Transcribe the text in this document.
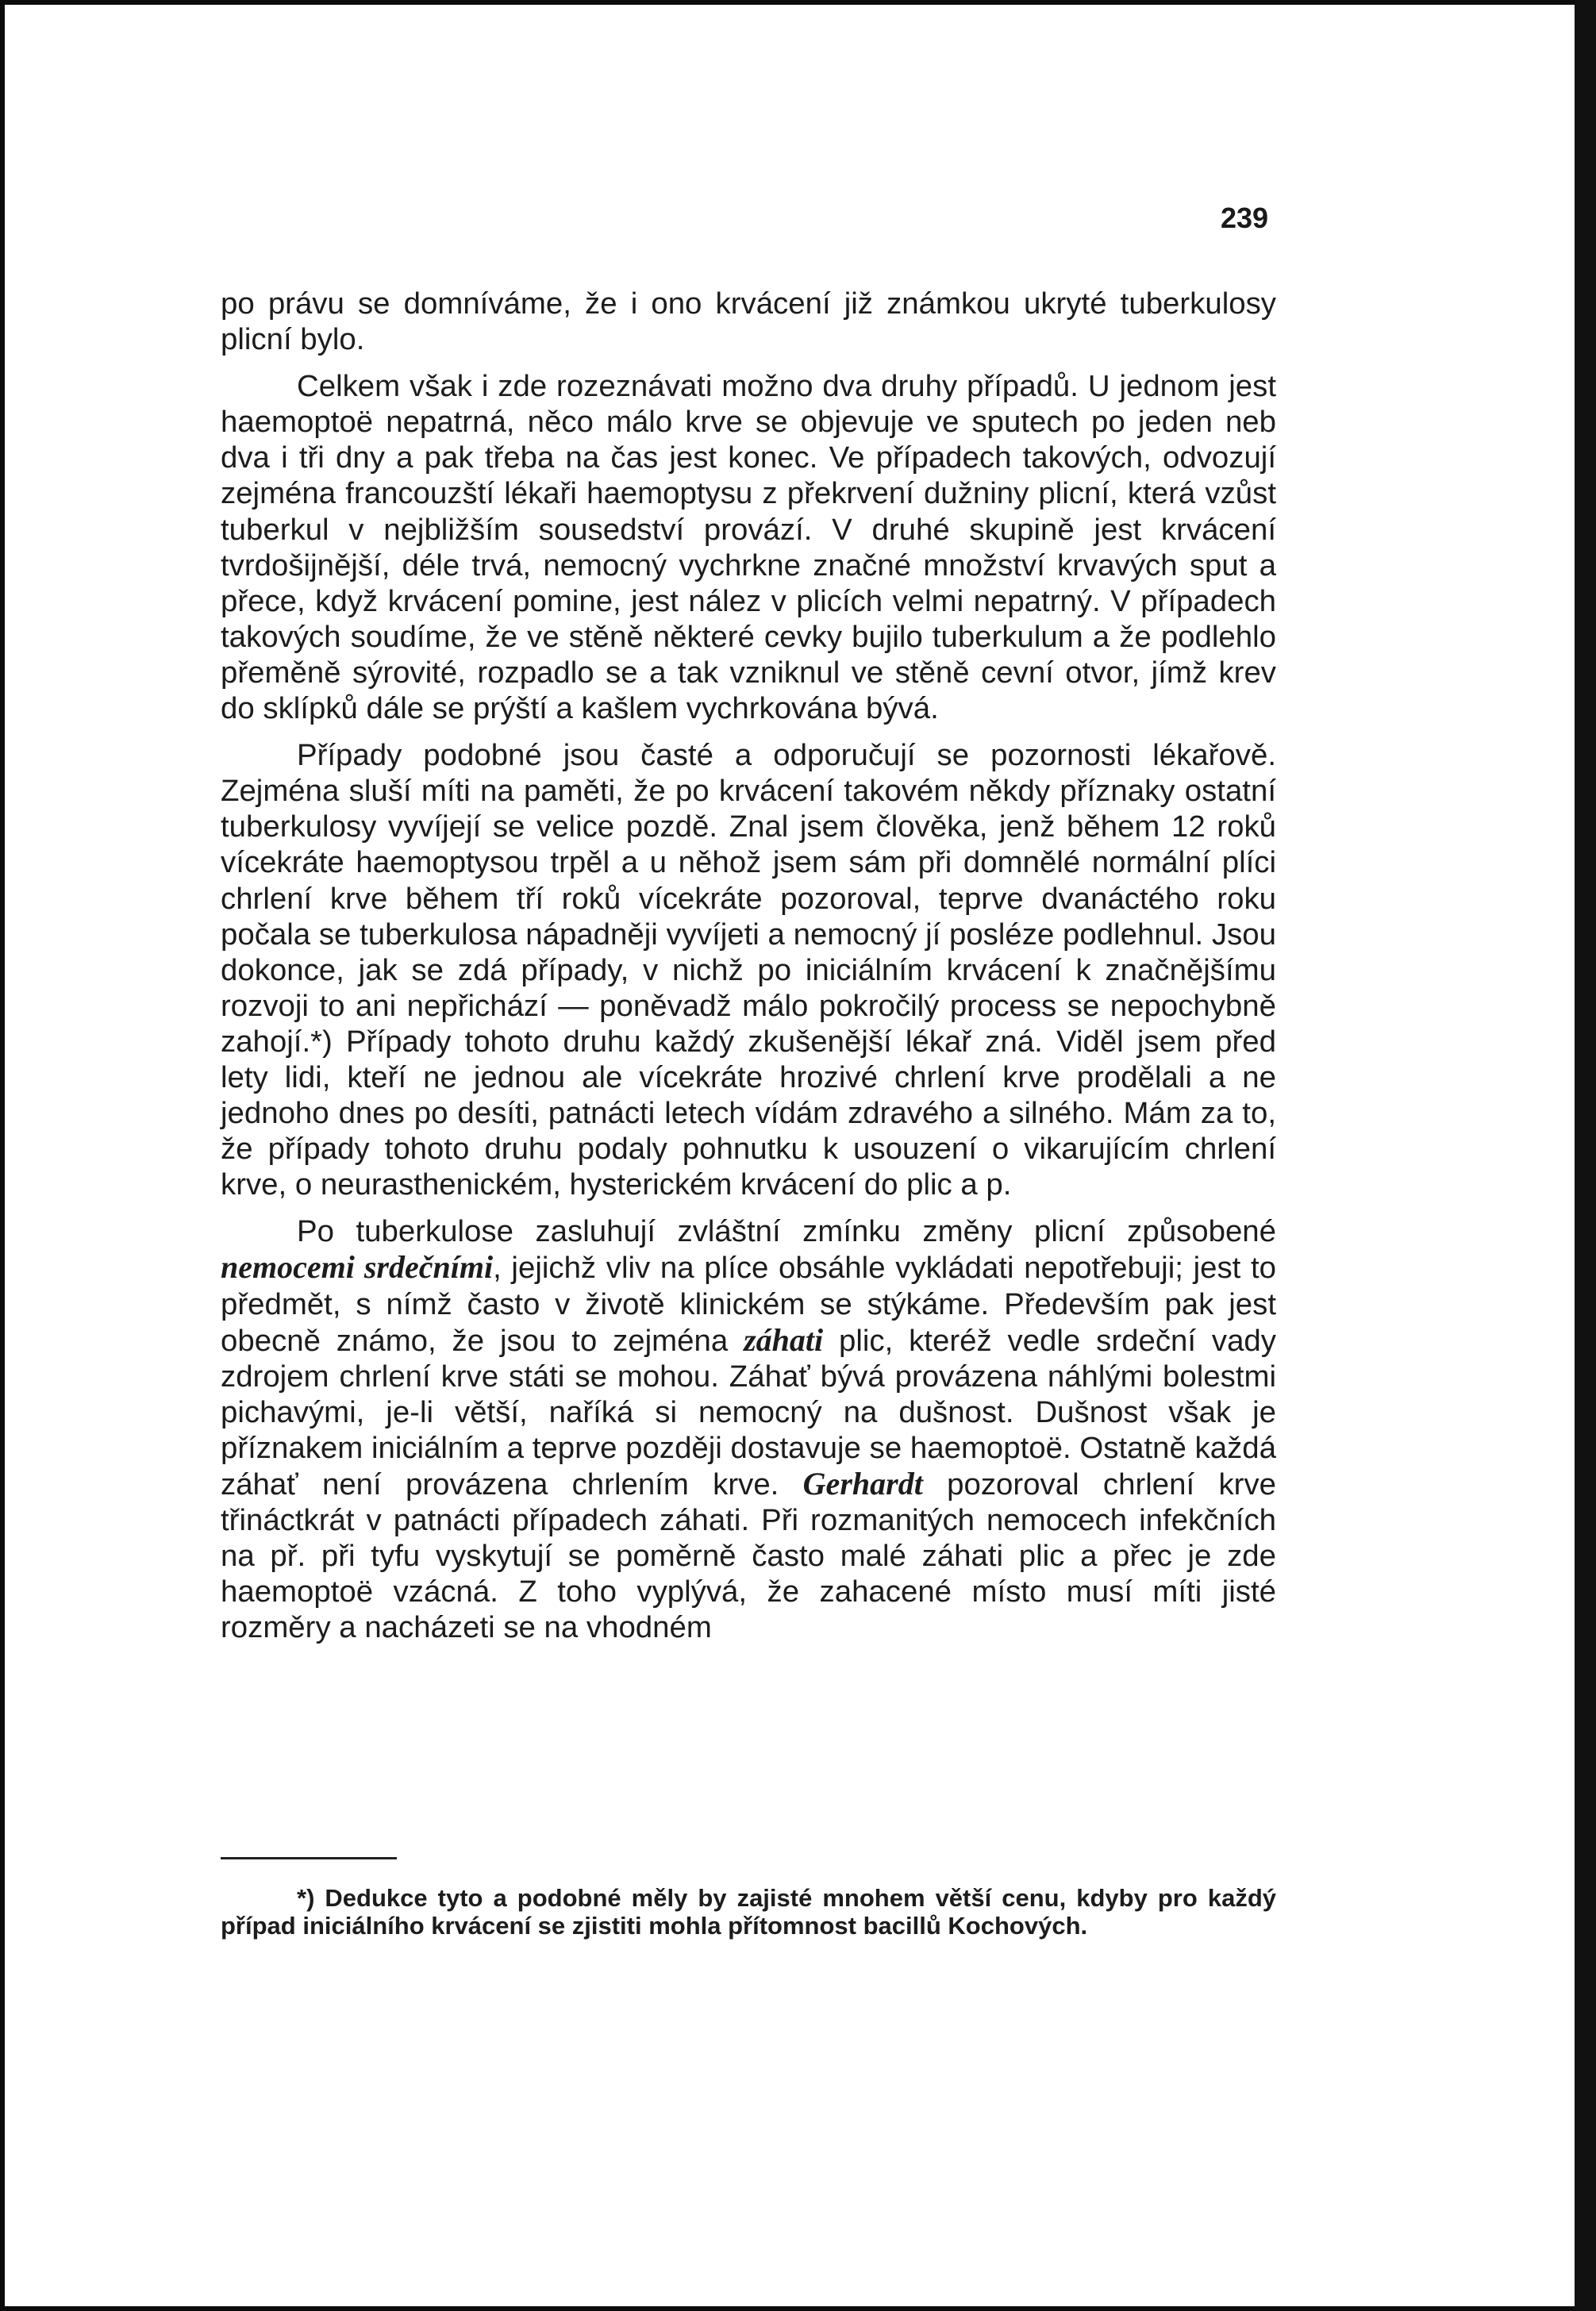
239

po právu se domníváme, že i ono krvácení již známkou ukryté tuberkulosy plicní bylo.

Celkem však i zde rozeznávati možno dva druhy případů. U jednom jest haemoptoë nepatrná, něco málo krve se objevuje ve sputech po jeden neb dva i tři dny a pak třeba na čas jest konec. Ve případech takových, odvozují zejména francouzští lékaři haemoptysu z překrvení dužniny plicní, která vzůst tuberkul v nejbližším sousedství provází. V druhé skupině jest krvácení tvrdošijnější, déle trvá, nemocný vychrkne značné množství krvavých sput a přece, když krvácení pomine, jest nález v plicích velmi nepatrný. V případech takových soudíme, že ve stěně některé cevky bujilo tuberkulum a že podlehlo přeměně sýrovité, rozpadlo se a tak vzniknul ve stěně cevní otvor, jímž krev do sklípků dále se prýští a kašlem vychrkována bývá.

Případy podobné jsou časté a odporučují se pozornosti lékařově. Zejména sluší míti na paměti, že po krvácení takovém někdy příznaky ostatní tuberkulosy vyvíjejí se velice pozdě. Znal jsem člověka, jenž během 12 roků vícekráte haemoptysou trpěl a u něhož jsem sám při domnělé normální plíci chrlení krve během tří roků vícekráte pozoroval, teprve dvanáctého roku počala se tuberkulosa nápadněji vyvíjeti a nemocný jí posléze podlehnul. Jsou dokonce, jak se zdá případy, v nichž po iniciálním krvácení k značnějšímu rozvoji to ani nepřichází — poněvadž málo pokročilý process se nepochybně zahojí.*) Případy tohoto druhu každý zkušenější lékař zná. Viděl jsem před lety lidi, kteří ne jednou ale vícekráte hrozivé chrlení krve prodělali a ne jednoho dnes po desíti, patnácti letech vídám zdravého a silného. Mám za to, že případy tohoto druhu podaly pohnutku k usouzení o vikarujícím chrlení krve, o neurasthenickém, hysterickém krvácení do plic a p.

Po tuberkulose zasluhují zvláštní zmínku změny plicní způsobené nemocemi srdečními, jejichž vliv na plíce obsáhle vykládati nepotřebuji; jest to předmět, s nímž často v životě klinickém se stýkáme. Především pak jest obecně známo, že jsou to zejména záhati plic, kteréž vedle srdeční vady zdrojem chrlení krve státi se mohou. Záhať bývá provázena náhlými bolestmi pichavými, je-li větší, naříká si nemocný na dušnost. Dušnost však je příznakem iniciálním a teprve později dostavuje se haemoptoë. Ostatně každá záhať není provázena chrlením krve. Gerhardt pozoroval chrlení krve třináctkrát v patnácti případech záhati. Při rozmanitých nemocech infekčních na př. při tyfu vyskytují se poměrně často malé záhati plic a přec je zde haemoptoë vzácná. Z toho vyplývá, že zahacené místo musí míti jisté rozměry a nacházeti se na vhodném

*) Dedukce tyto a podobné měly by zajisté mnohem větší cenu, kdyby pro každý případ iniciálního krvácení se zjistiti mohla přítomnost bacillů Kochových.
